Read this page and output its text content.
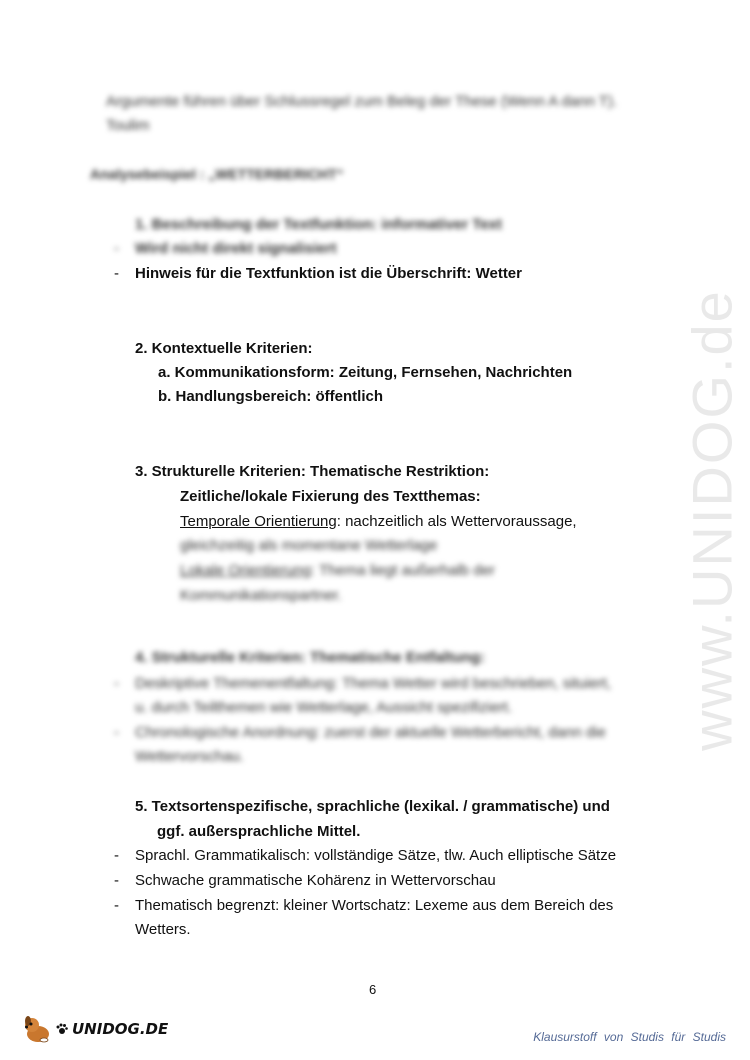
www.UNIDOG.de
Argumente führen über Schlussregel zum Beleg der These (Wenn A dann T).
Toulim
Analysebeispiel : „WETTERBERICHT“
1. Beschreibung der Textfunktion: informativer Text
- Wird nicht direkt signalisiert
- Hinweis für die Textfunktion ist die Überschrift: Wetter
2. Kontextuelle Kriterien:
a. Kommunikationsform: Zeitung, Fernsehen, Nachrichten
b. Handlungsbereich: öffentlich
3. Strukturelle Kriterien: Thematische Restriktion:
Zeitliche/lokale Fixierung des Textthemas:
Temporale Orientierung: nachzeitlich als Wettervoraussage,
gleichzeitig als momentane Wetterlage
Lokale Orientierung: Thema liegt außerhalb der
Kommunikationspartner.
4. Strukturelle Kriterien: Thematische Entfaltung:
- Deskriptive Themenentfaltung: Thema Wetter wird beschrieben, situiert,
u. durch Teilthemen wie Wetterlage, Aussicht spezifiziert.
- Chronologische Anordnung: zuerst der aktuelle Wetterbericht, dann die
Wettervorschau.
5. Textsortenspezifische, sprachliche (lexikal. / grammatische) und
ggf. außersprachliche Mittel.
- Sprachl. Grammatikalisch: vollständige Sätze, tlw. Auch elliptische Sätze
- Schwache grammatische Kohärenz in Wettervorschau
- Thematisch begrenzt: kleiner Wortschatz: Lexeme aus dem Bereich des
Wetters.
6
UNIDOG.DE	Klausurstoff von Studis für Studis
